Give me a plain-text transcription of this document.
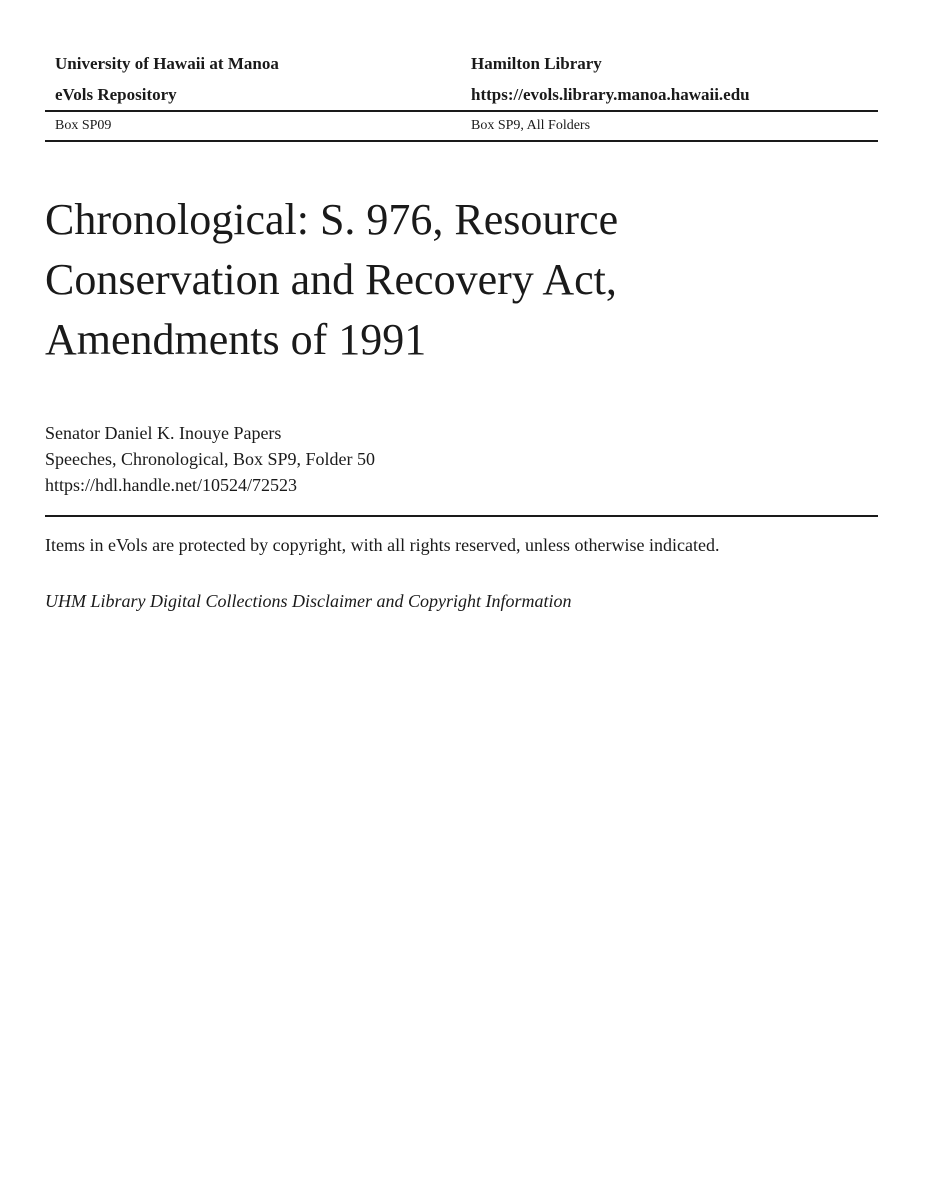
University of Hawaii at Manoa
eVols Repository
Hamilton Library
https://evols.library.manoa.hawaii.edu
Box SP09	Box SP9, All Folders
Chronological: S. 976, Resource
Conservation and Recovery Act,
Amendments of 1991
Senator Daniel K. Inouye Papers
Speeches, Chronological, Box SP9, Folder 50
https://hdl.handle.net/10524/72523

Items in eVols are protected by copyright, with all rights reserved, unless otherwise indicated.

UHM Library Digital Collections Disclaimer and Copyright Information
